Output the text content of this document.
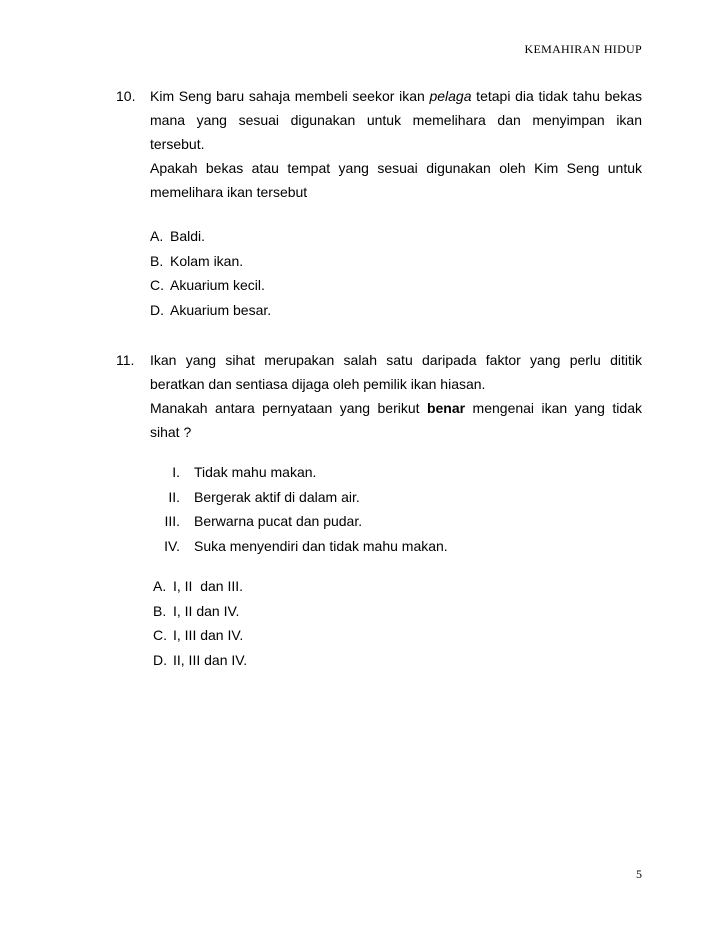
KEMAHIRAN HIDUP
10. Kim Seng baru sahaja membeli seekor ikan pelaga tetapi dia tidak tahu bekas
mana yang sesuai digunakan untuk memelihara dan menyimpan ikan
tersebut.
Apakah bekas atau tempat yang sesuai digunakan oleh Kim Seng untuk
memelihara ikan tersebut
A. Baldi.
B. Kolam ikan.
C. Akuarium kecil.
D. Akuarium besar.
11. Ikan yang sihat merupakan salah satu daripada faktor yang perlu dititik
beratkan dan sentiasa dijaga oleh pemilik ikan hiasan.
Manakah antara pernyataan yang berikut benar mengenai ikan yang tidak
sihat ?
I. Tidak mahu makan.
II. Bergerak aktif di dalam air.
III. Berwarna pucat dan pudar.
IV. Suka menyendiri dan tidak mahu makan.
A. I, II  dan III.
B. I, II dan IV.
C. I, III dan IV.
D. II, III dan IV.
5
